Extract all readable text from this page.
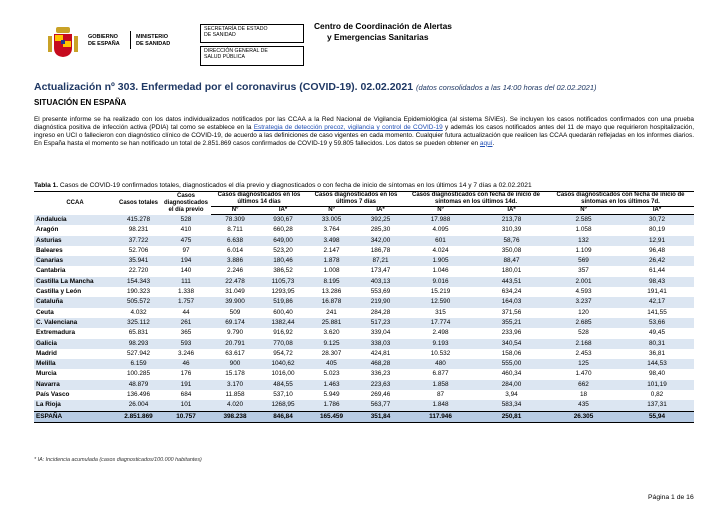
GOBIERNO
DE ESPAÑA
MINISTERIO
DE SANIDAD
SECRETARÍA DE ESTADO
DE SANIDAD
DIRECCIÓN GENERAL DE
SALUD PÚBLICA
Centro de Coordinación de Alertas
y Emergencias Sanitarias
Actualización nº 303. Enfermedad por el coronavirus (COVID-19). 02.02.2021 (datos consolidados a las 14:00 horas del 02.02.2021)
SITUACIÓN EN ESPAÑA
El presente informe se ha realizado con los datos individualizados notificados por las CCAA a la Red Nacional de Vigilancia Epidemiológica (al sistema SiViEs). Se incluyen los casos notificados confirmados con una prueba diagnóstica positiva de infección activa (PDIA) tal como se establece en la Estrategia de detección precoz, vigilancia y control de COVID-19 y además los casos notificados antes del 11 de mayo que requirieron hospitalización, ingreso en UCI o fallecieron con diagnóstico clínico de COVID-19, de acuerdo a las definiciones de caso vigentes en cada momento. Cualquier futura actualización que realicen las CCAA quedarán reflejadas en los informes diarios. En España hasta el momento se han notificado un total de 2.851.869 casos confirmados de COVID-19 y 59.805 fallecidos. Los datos se pueden obtener en aquí.
Tabla 1. Casos de COVID-19 confirmados totales, diagnosticados el día previo y diagnosticados o con fecha de inicio de síntomas en los últimos 14 y 7 días a 02.02.2021
CCAA	Casos totales	Casos diagnosticados el día previo	Casos diagnosticados en los últimos 14 días		Casos diagnosticados en los últimos 7 días		Casos diagnosticados con fecha de inicio de síntomas en los últimos 14d.		Casos diagnosticados con fecha de inicio de síntomas en los últimos 7d.	
			Nº	IA*	Nº	IA*	Nº	IA*	Nº	IA*
Andalucía	415.278	528	78.309	930,67	33.005	392,25	17.988	213,78	2.585	30,72
Aragón	98.231	410	8.711	660,28	3.764	285,30	4.095	310,39	1.058	80,19
Asturias	37.722	475	6.638	649,00	3.498	342,00	601	58,76	132	12,91
Baleares	52.706	97	6.014	523,20	2.147	186,78	4.024	350,08	1.109	96,48
Canarias	35.941	194	3.886	180,46	1.878	87,21	1.905	88,47	569	26,42
Cantabria	22.720	140	2.246	386,52	1.008	173,47	1.046	180,01	357	61,44
Castilla La Mancha	154.343	111	22.478	1105,73	8.195	403,13	9.016	443,51	2.001	98,43
Castilla y León	190.323	1.338	31.049	1293,95	13.286	553,69	15.219	634,24	4.593	191,41
Cataluña	505.572	1.757	39.900	519,86	16.878	219,90	12.590	164,03	3.237	42,17
Ceuta	4.032	44	509	600,40	241	284,28	315	371,56	120	141,55
C. Valenciana	325.112	261	69.174	1382,44	25.881	517,23	17.774	355,21	2.685	53,66
Extremadura	65.831	365	9.790	916,92	3.620	339,04	2.498	233,96	528	49,45
Galicia	98.293	593	20.791	770,08	9.125	338,03	9.193	340,54	2.168	80,31
Madrid	527.942	3.246	63.617	954,72	28.307	424,81	10.532	158,06	2.453	36,81
Melilla	6.159	46	900	1040,62	405	468,28	480	555,00	125	144,53
Murcia	100.285	176	15.178	1016,00	5.023	336,23	6.877	460,34	1.470	98,40
Navarra	48.879	191	3.170	484,55	1.463	223,63	1.858	284,00	662	101,19
País Vasco	136.496	684	11.858	537,10	5.949	269,46	87	3,94	18	0,82
La Rioja	26.004	101	4.020	1268,95	1.786	563,77	1.848	583,34	435	137,31
ESPAÑA	2.851.869	10.757	398.238	846,84	165.459	351,84	117.946	250,81	26.305	55,94
* IA: Incidencia acumulada (casos diagnosticados/100.000 habitantes)
Página 1 de 16
